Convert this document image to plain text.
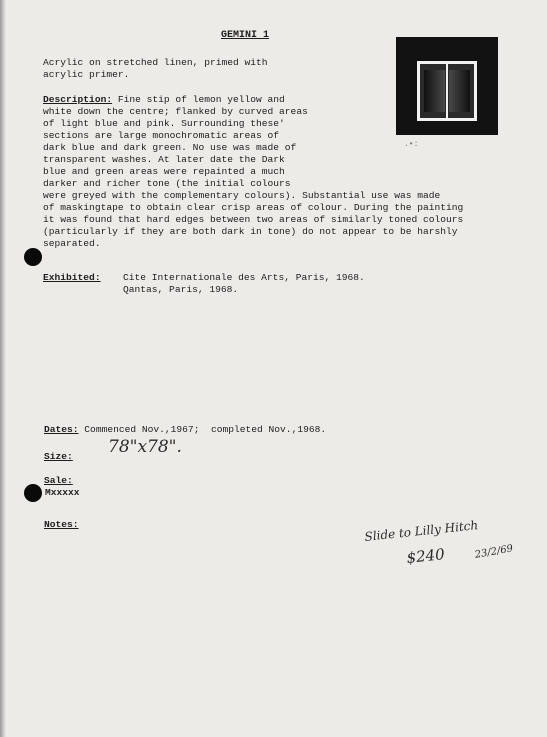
GEMINI 1
Acrylic on stretched linen, primed with
acrylic primer.
Description: Fine stip of lemon yellow and
white down the centre; flanked by curved areas
of light blue and pink. Surrounding these'
sections are large monochromatic areas of
dark blue and dark green. No use was made of
transparent washes. At later date the Dark
blue and green areas were repainted a much
darker and richer tone (the initial colours
were greyed with the complementary colours). Substantial use was made
of maskingtape to obtain clear crisp areas of colour. During the painting
it was found that hard edges between two areas of similarly toned colours
(particularly if they are both dark in tone) do not appear to be harshly
separated.
Exhibited: Cite Internationale des Arts, Paris, 1968.
Qantas, Paris, 1968.
.•:
Dates: Commenced Nov.,1967;  completed Nov.,1968.
Size: 78"x78".
Sale:
Mxxxxx
Notes:	Slide to Lilly Hitch
$240	23/2/69
